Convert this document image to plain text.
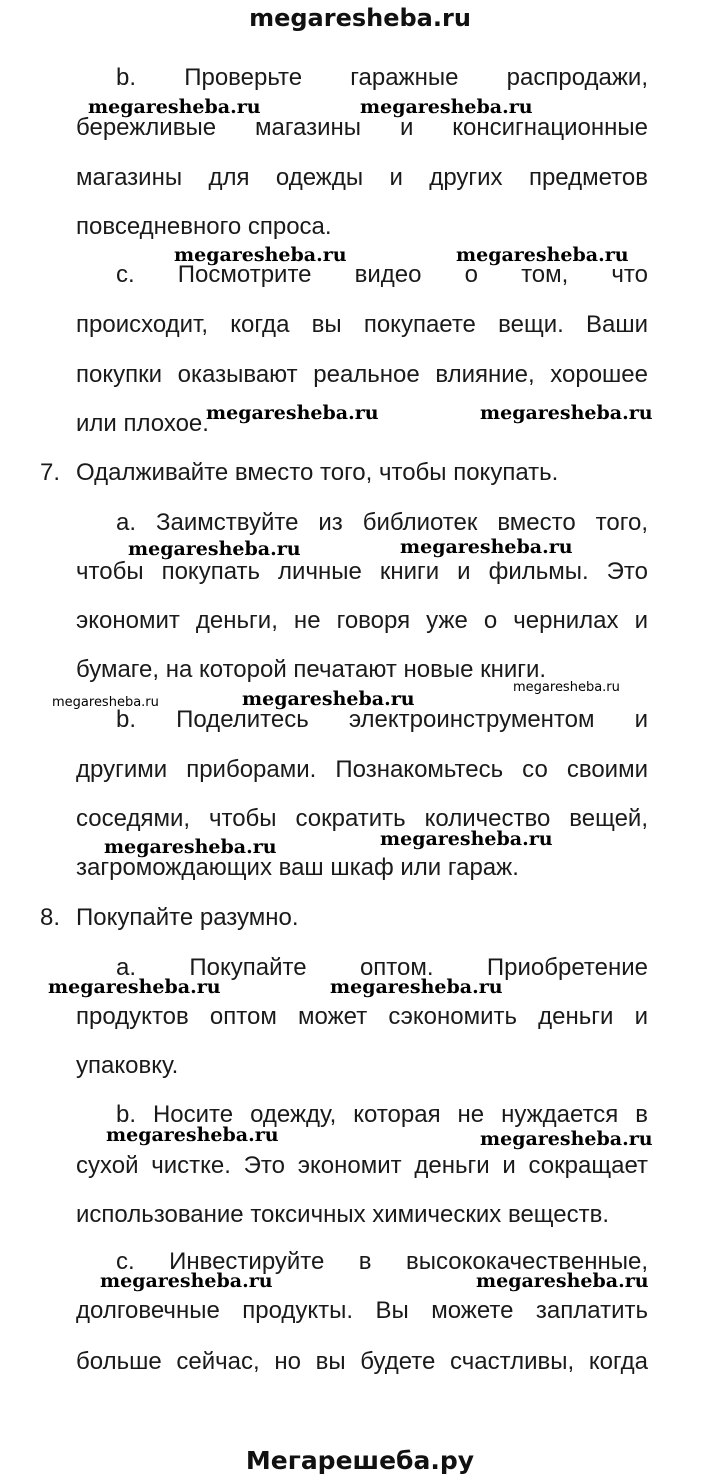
megaresheba.ru
b. Проверьте гаражные распродажи,
бережливые магазины и консигнационные
магазины для одежды и других предметов
повседневного спроса.
c. Посмотрите видео о том, что
происходит, когда вы покупаете вещи. Ваши
покупки оказывают реальное влияние, хорошее
или плохое.
7. Одалживайте вместо того, чтобы покупать.
a. Заимствуйте из библиотек вместо того,
чтобы покупать личные книги и фильмы. Это
экономит деньги, не говоря уже о чернилах и
бумаге, на которой печатают новые книги.
b. Поделитесь электроинструментом и
другими приборами. Познакомьтесь со своими
соседями, чтобы сократить количество вещей,
загромождающих ваш шкаф или гараж.
8. Покупайте разумно.
a. Покупайте оптом. Приобретение
продуктов оптом может сэкономить деньги и
упаковку.
b. Носите одежду, которая не нуждается в
сухой чистке. Это экономит деньги и сокращает
использование токсичных химических веществ.
c. Инвестируйте в высококачественные,
долговечные продукты. Вы можете заплатить
больше сейчас, но вы будете счастливы, когда
megaresheba.ru	megaresheba.ru
megaresheba.ru	megaresheba.ru
megaresheba.ru	megaresheba.ru
megaresheba.ru	megaresheba.ru
megaresheba.ru	megaresheba.ru
megaresheba.ru
megaresheba.ru	megaresheba.ru
megaresheba.ru	megaresheba.ru
megaresheba.ru	megaresheba.ru
megaresheba.ru	megaresheba.ru
Мегарешеба.ру
